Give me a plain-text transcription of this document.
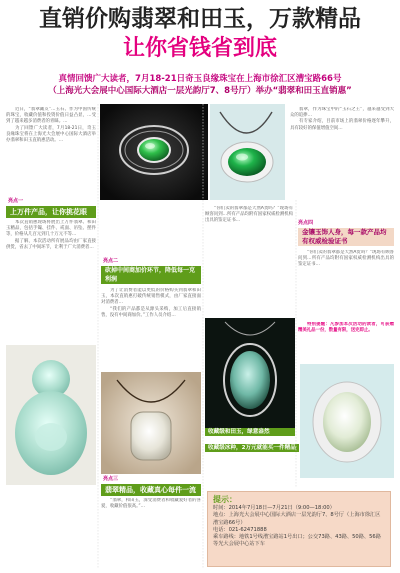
直销价购翡翠和田玉，万款精品
让你省钱省到底
真情回馈广大读者，7月18-21日奇玉良缘珠宝在上海市徐汇区漕宝路66号
（上海光大会展中心国际大酒店一层光韵厅7、8号厅）举办“翡翠和田玉直销惠”

近日，“翡翠藏友”…玉石、作为中国传统的珠宝，收藏价值和投资价值日益凸显，…受到了越来越多消费者的青睐。…

为了回馈广大读者，7月18-21日，奇玉良缘珠宝将在上海光大会展中心国际大酒店举办翡翠和田玉直销惠活动。…

翡翠，作为珠宝中的“玉石之王”，越来越受到大众的追捧…

有专家介绍，目前市场上的翡翠价格逐年攀升，具有较好的保值增值空间…

亮点一
上万件产品，让你挑花眼

本次直销惠现场将展出上万件翡翠、和田玉精品，包括手镯、挂件、戒面、吊坠、摆件等，价格从几百元到几十万元不等…

据了解，本次活动所有展品均由厂家直接供货，省去了中间环节，让利于广大消费者…

亮点二
砍掉中间商加价环节，降低每一克利润

为了让消费者能以更低的价格购买到翡翠和田玉，本次直销惠打破传统销售模式，由厂家直接面对消费者…

“我们的产品都是从源头采购，加工后直接销售，没有中间商加价。”工作人员介绍…

“你们卖的翡翠都是天然A货吗？”现场有顾客问到…所有产品均附有国家权威检测机构出具的鉴定证书…	亮点四
金镶玉饰人身，每一款产品均有权威检验证书

“你们卖的翡翠都是天然A货吗？”现场有顾客问到…所有产品均附有国家权威检测机构出具的鉴定证书…

特别提醒：凡参加本次活动的读者，可获赠精美礼品一份，数量有限，送完即止。
亮点三
翡翠精品，收藏真心每件一流

“翡翠，和田玉，深受消费者和收藏爱好者的喜爱，收藏价值很高。”…

收藏级和田玉，绿意盎然
收藏级冰种，2万元就能买一件精品
提示：
时间：2014年7月18日—7月21日（9:00—18:00）
地点：上海光大会展中心国际大酒店一层光韵厅7、8号厅（上海市徐汇区漕宝路66号）
电话：021-62471888
乘车路线：地铁1号线漕宝路站1号出口；公交73路、43路、50路、56路等光大会展中心站下车
